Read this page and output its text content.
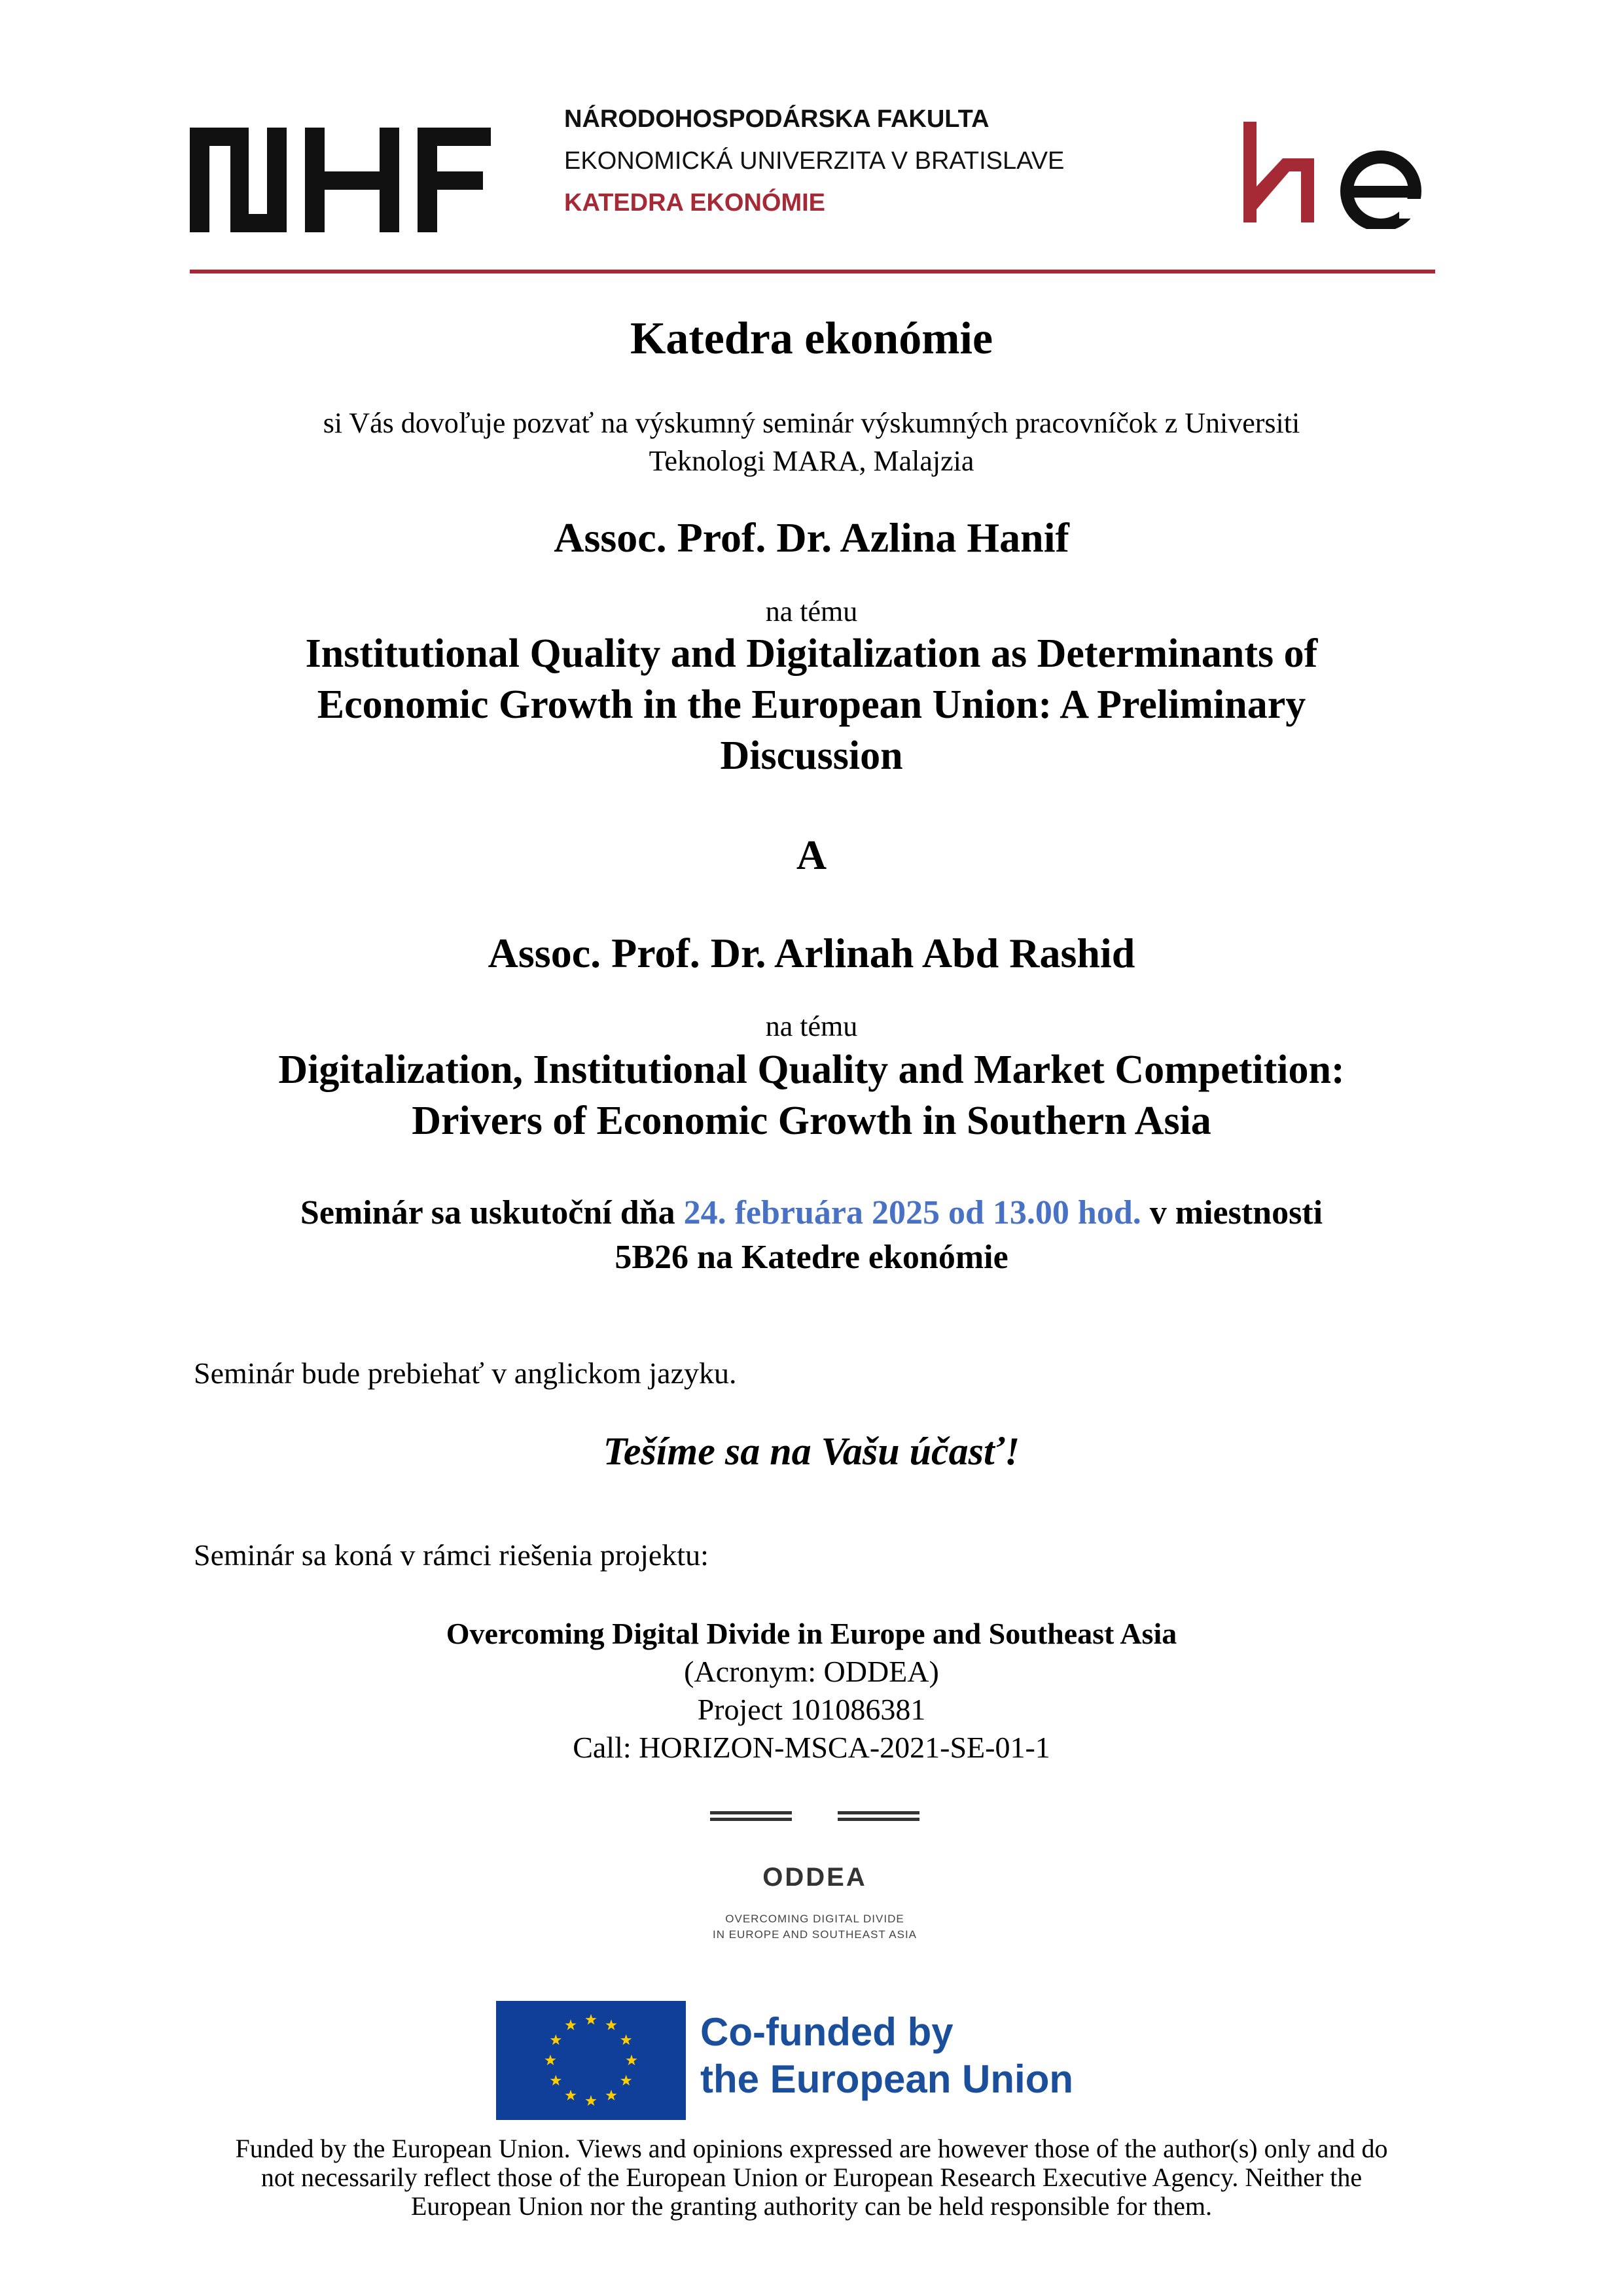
NÁRODOHOSPODÁRSKA FAKULTA
EKONOMICKÁ UNIVERZITA V BRATISLAVE
KATEDRA EKONÓMIE
Katedra ekonómie
si Vás dovoľuje pozvať na výskumný seminár výskumných pracovníčok z Universiti
Teknologi MARA, Malajzia
Assoc. Prof. Dr. Azlina Hanif
na tému
Institutional Quality and Digitalization as Determinants of
Economic Growth in the European Union: A Preliminary
Discussion
A
Assoc. Prof. Dr. Arlinah Abd Rashid
na tému
Digitalization, Institutional Quality and Market Competition:
Drivers of Economic Growth in Southern Asia
Seminár sa uskutoční dňa 24. februára 2025 od 13.00 hod. v miestnosti
5B26 na Katedre ekonómie
Seminár bude prebiehať v anglickom jazyku.
Tešíme sa na Vašu účasť!
Seminár sa koná v rámci riešenia projektu:
Overcoming Digital Divide in Europe and Southeast Asia
(Acronym: ODDEA)
Project 101086381
Call: HORIZON-MSCA-2021-SE-01-1
ODDEA
OVERCOMING DIGITAL DIVIDE
IN EUROPE AND SOUTHEAST ASIA
Co-funded by
the European Union
Funded by the European Union. Views and opinions expressed are however those of the author(s) only and do
not necessarily reflect those of the European Union or European Research Executive Agency. Neither the
European Union nor the granting authority can be held responsible for them.
